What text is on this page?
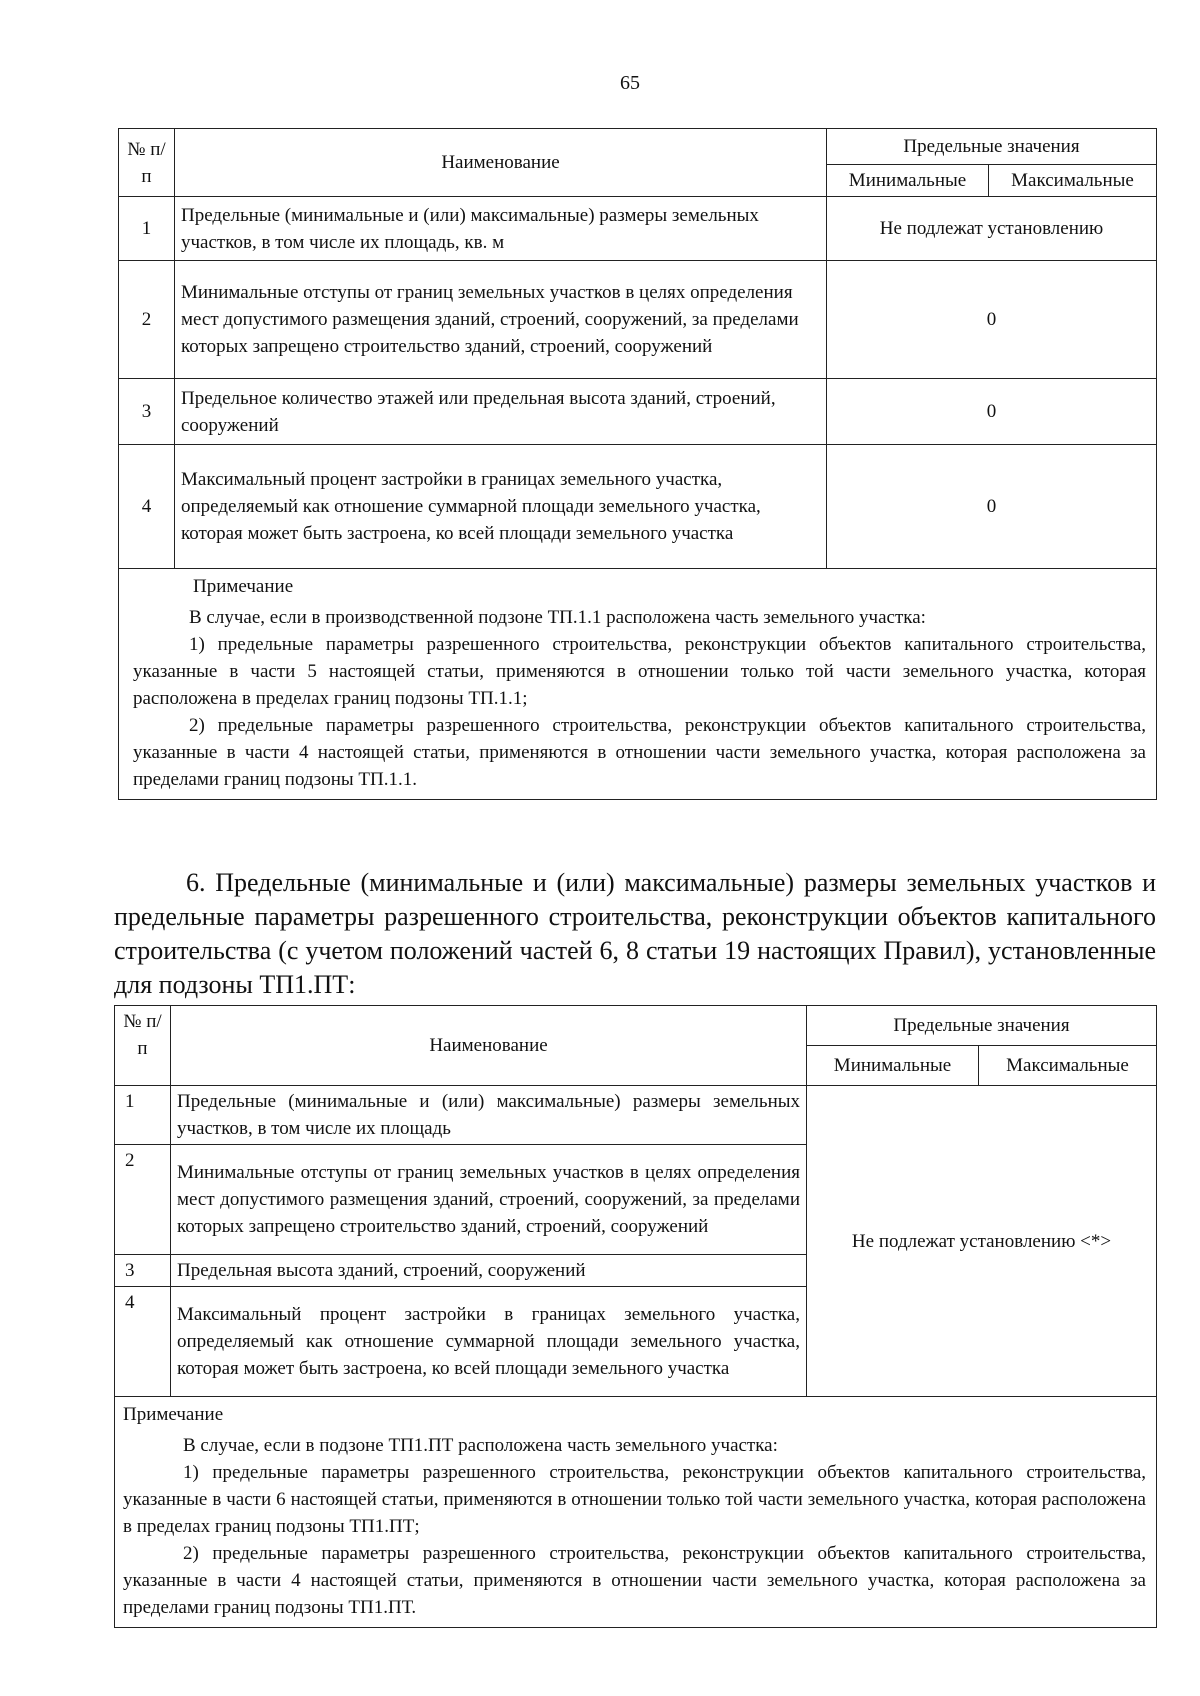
65
№ п/п	Наименование	Предельные значения	
		Минимальные	Максимальные
1	Предельные (минимальные и (или) максимальные) размеры земельных участков, в том числе их площадь, кв. м	Не подлежат установлению	
2	Минимальные отступы от границ земельных участков в целях определения мест допустимого размещения зданий, строений, сооружений, за пределами которых запрещено строительство зданий, строений, сооружений	0	
3	Предельное количество этажей или предельная высота зданий, строений, сооружений	0	
4	Максимальный процент застройки в границах земельного участка, определяемый как отношение суммарной площади земельного участка, которая может быть застроена, ко всей площади земельного участка	0	

Примечание

В случае, если в производственной подзоне ТП.1.1 расположена часть земельного участка:

1) предельные параметры разрешенного строительства, реконструкции объектов капитального строительства, указанные в части 5 настоящей статьи, применяются в отношении только той части земельного участка, которая расположена в пределах границ подзоны ТП.1.1;

2) предельные параметры разрешенного строительства, реконструкции объектов капитального строительства, указанные в части 4 настоящей статьи, применяются в отношении части земельного участка, которая расположена за пределами границ подзоны ТП.1.1.			

6. Предельные (минимальные и (или) максимальные) размеры земельных участков и предельные параметры разрешенного строительства, реконструкции объектов капитального строительства (с учетом положений частей 6, 8 статьи 19 настоящих Правил), установленные для подзоны ТП1.ПТ:

№ п/п	Наименование	Предельные значения	
		Минимальные	Максимальные
1	Предельные (минимальные и (или) максимальные) размеры земельных участков, в том числе их площадь	Не подлежат установлению <*>	
2	Минимальные отступы от границ земельных участков в целях определения мест допустимого размещения зданий, строений, сооружений, за пределами которых запрещено строительство зданий, строений, сооружений		
3	Предельная высота зданий, строений, сооружений		
4	Максимальный процент застройки в границах земельного участка, определяемый как отношение суммарной площади земельного участка, которая может быть застроена, ко всей площади земельного участка		

Примечание

В случае, если в подзоне ТП1.ПТ расположена часть земельного участка:

1) предельные параметры разрешенного строительства, реконструкции объектов капитального строительства, указанные в части 6 настоящей статьи, применяются в отношении только той части земельного участка, которая расположена в пределах границ подзоны ТП1.ПТ;

2) предельные параметры разрешенного строительства, реконструкции объектов капитального строительства, указанные в части 4 настоящей статьи, применяются в отношении части земельного участка, которая расположена за пределами границ подзоны ТП1.ПТ.			
